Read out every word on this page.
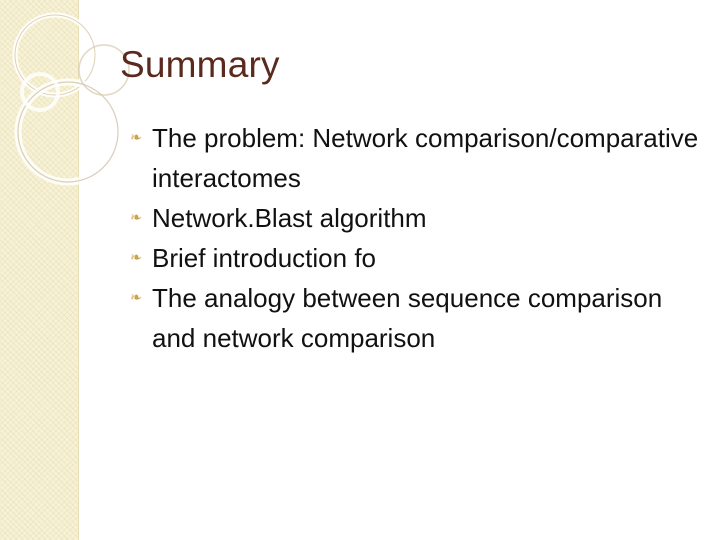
Summary
❧ The problem: Network comparison/comparative interactomes
❧ Network.Blast algorithm
❧ Brief introduction fo
❧ The analogy between sequence comparison and network comparison
